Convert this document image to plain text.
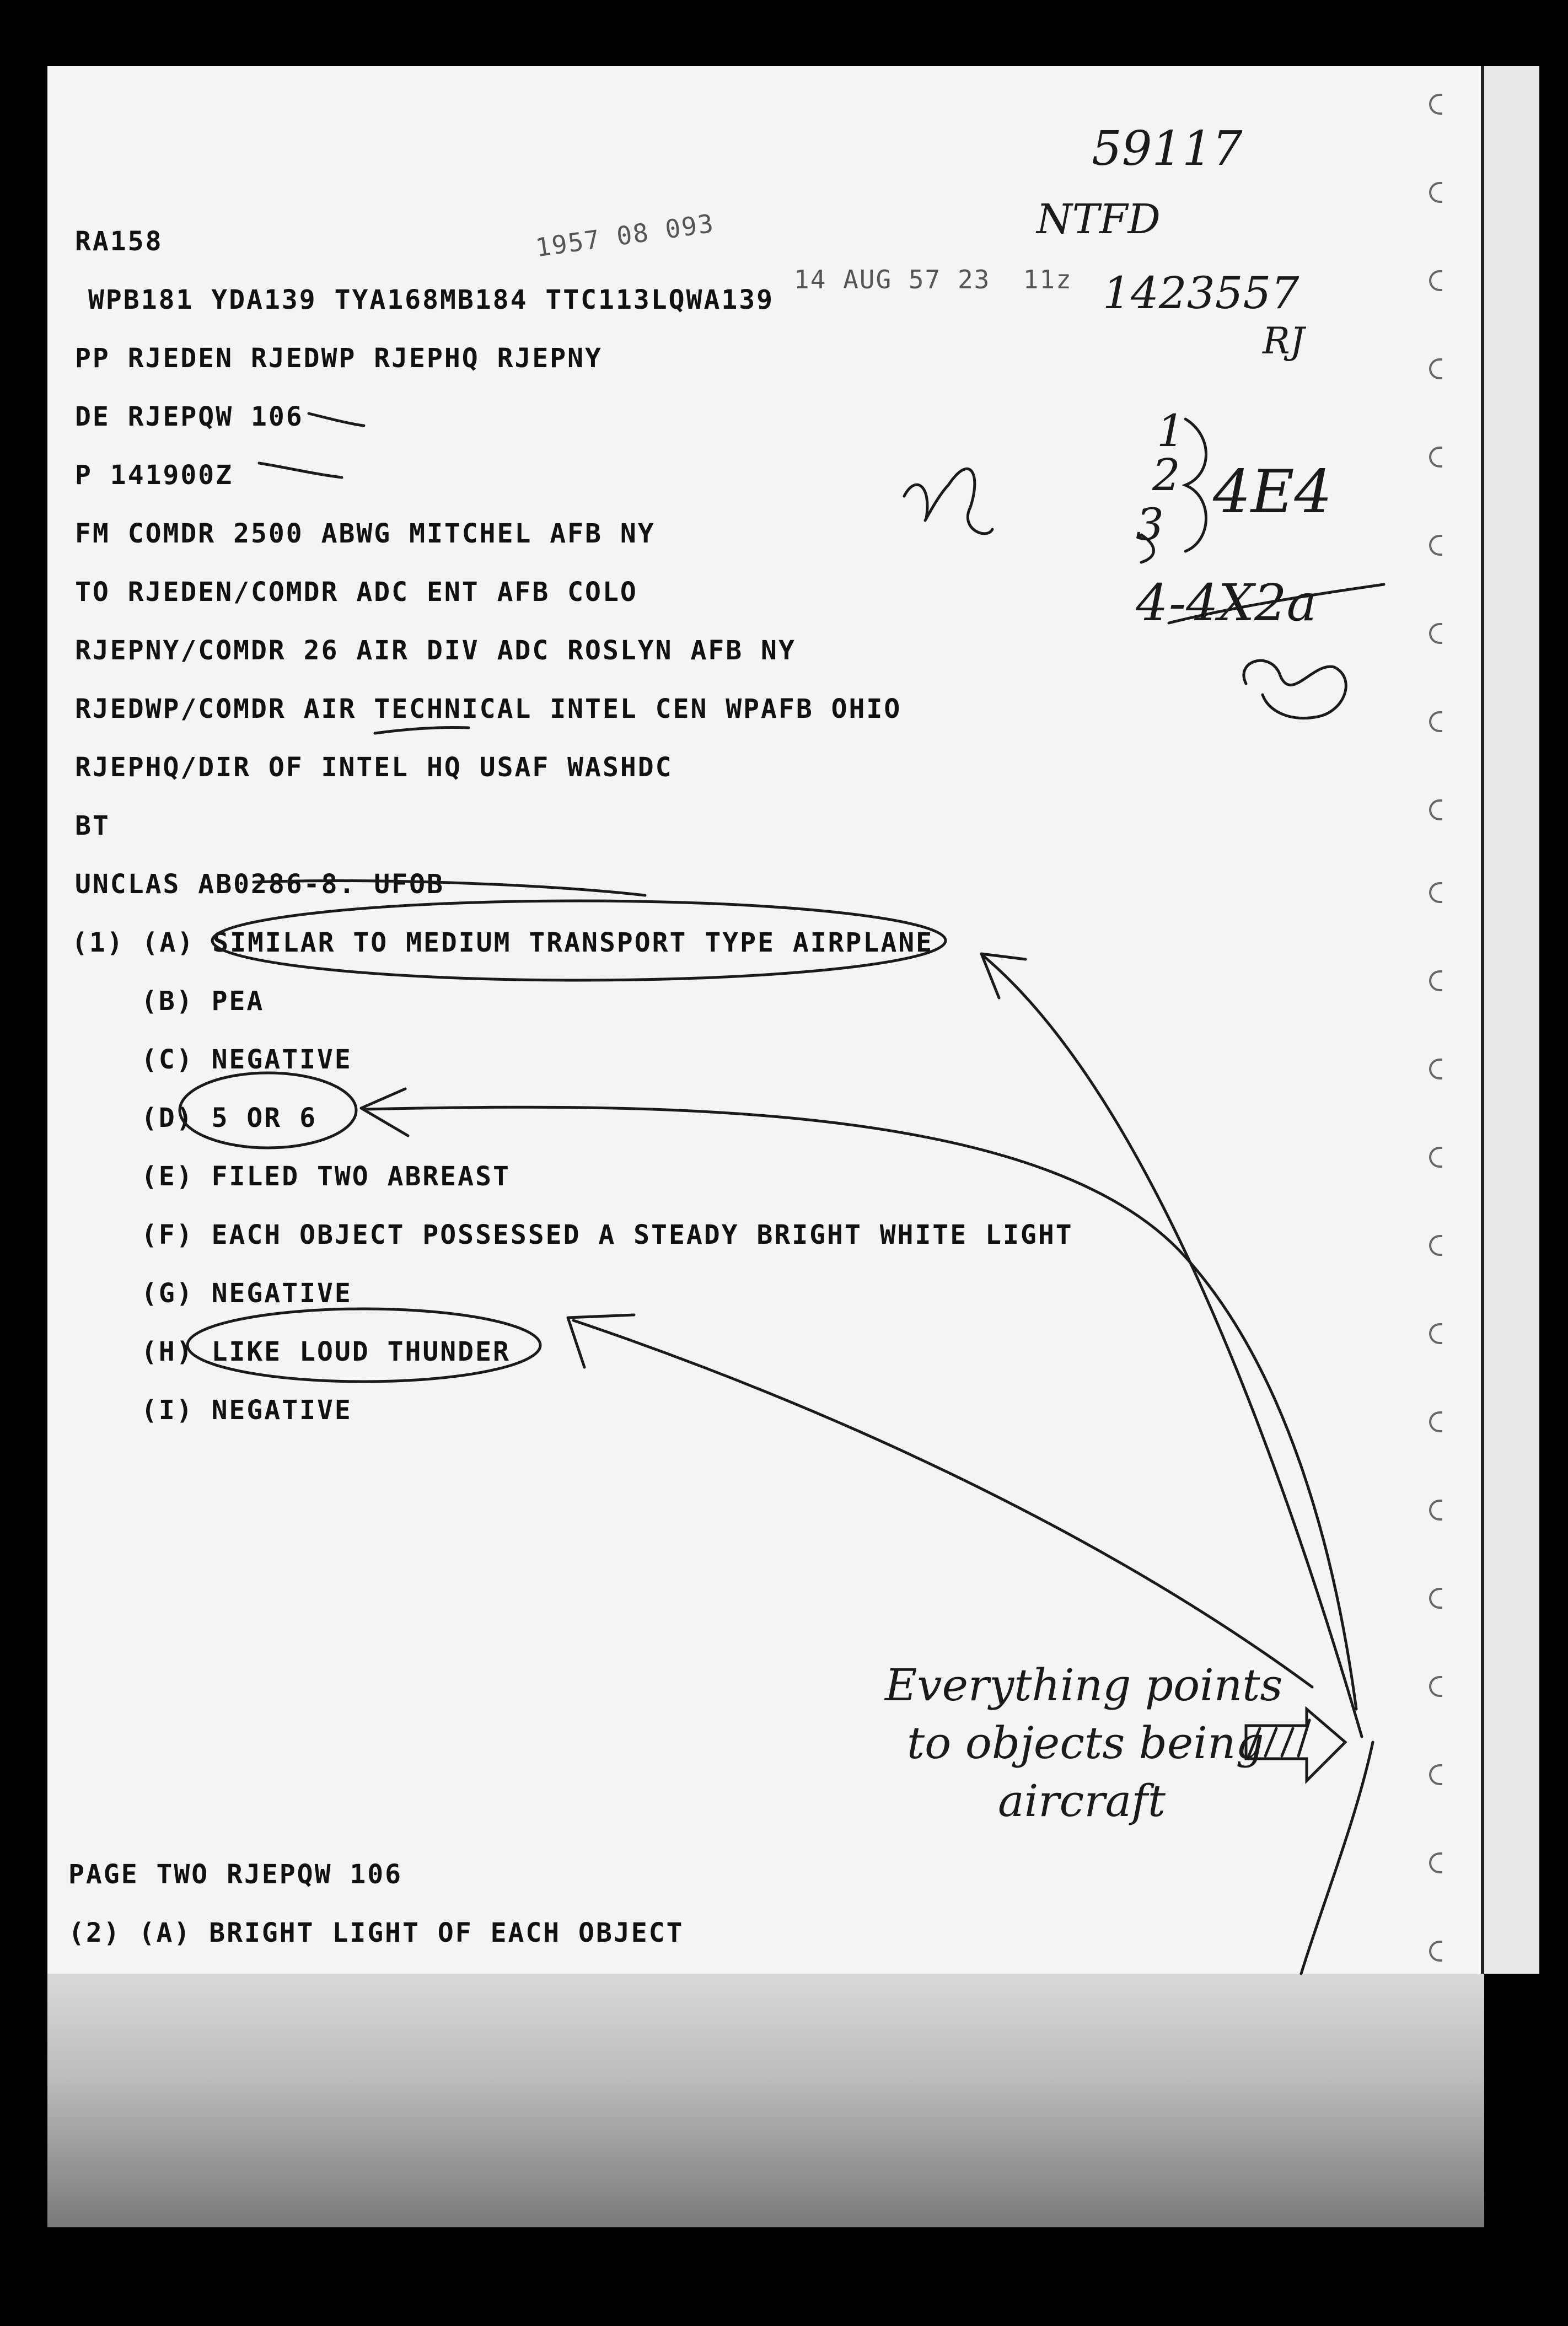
RA158

WPB181 YDA139 TYA168MB184 TTC113LQWA139

PP RJEDEN RJEDWP RJEPHQ RJEPNY

DE RJEPQW 106

P 141900Z

FM COMDR 2500 ABWG MITCHEL AFB NY

TO RJEDEN/COMDR ADC ENT AFB COLO

RJEPNY/COMDR 26 AIR DIV ADC ROSLYN AFB NY

RJEDWP/COMDR AIR TECHNICAL INTEL CEN WPAFB OHIO

RJEPHQ/DIR OF INTEL HQ USAF WASHDC

BT

UNCLAS AB0286-8. UFOB

(1) (A) SIMILAR TO MEDIUM TRANSPORT TYPE AIRPLANE

(B) PEA

(C) NEGATIVE

(D) 5 OR 6

(E) FILED TWO ABREAST

(F) EACH OBJECT POSSESSED A STEADY BRIGHT WHITE LIGHT

(G) NEGATIVE

(H) LIKE LOUD THUNDER

(I) NEGATIVE

PAGE TWO RJEPQW 106

(2) (A) BRIGHT LIGHT OF EACH OBJECT

1957 08 093

14 AUG 57 23  11z

59117

NTFD

1423557

RJ

1

2 4E4

3

4 -4X2a

Everything points

to objects being

aircraft
